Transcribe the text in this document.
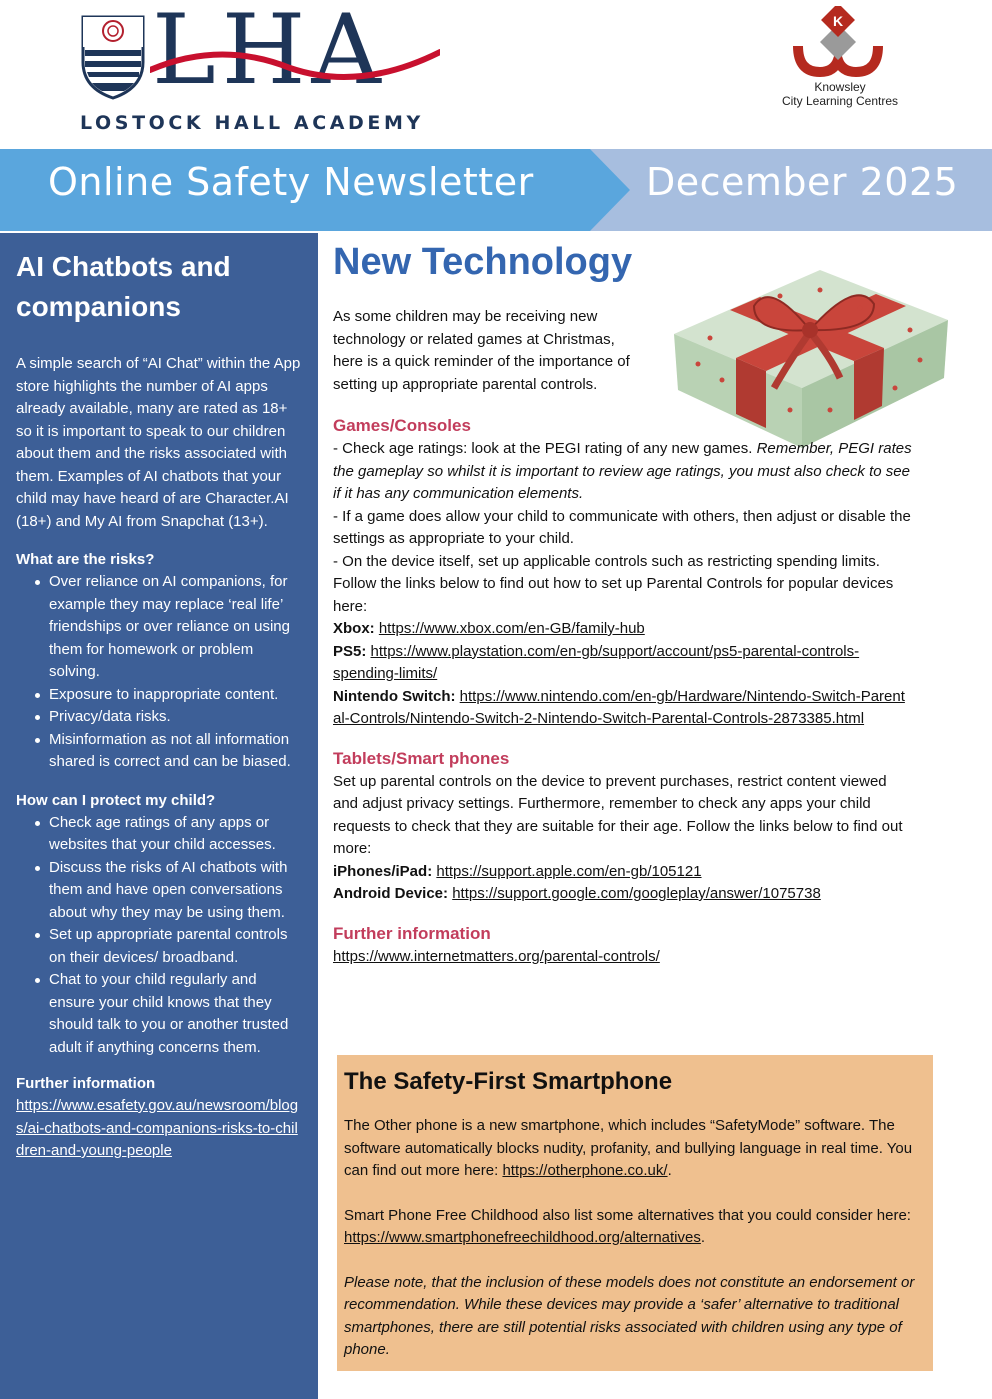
LHA
LOSTOCK HALL ACADEMY
K
Knowsley
City Learning Centres
Online Safety Newsletter	December 2025
AI Chatbots and companions

A simple search of “AI Chat” within the App store highlights the number of AI apps already available, many are rated as 18+ so it is important to speak to our children about them and the risks associated with them. Examples of AI chatbots that your child may have heard of are Character.AI (18+) and My AI from Snapchat (13+).

What are the risks?
Over reliance on AI companions, for example they may replace ‘real life’ friendships or over reliance on using them for homework or problem solving.
Exposure to inappropriate content.
Privacy/data risks.
Misinformation as not all information shared is correct and can be biased.
How can I protect my child?
Check age ratings of any apps or websites that your child accesses.
Discuss the risks of AI chatbots with them and have open conversations about why they may be using them.
Set up appropriate parental controls on their devices/ broadband.
Chat to your child regularly and ensure your child knows that they should talk to you or another trusted adult if anything concerns them.
Further information
https://www.esafety.gov.au/newsroom/blogs/ai-chatbots-and-companions-risks-to-children-and-young-people
New Technology

As some children may be receiving new technology or related games at Christmas, here is a quick reminder of the importance of setting up appropriate parental controls.

Games/Consoles

- Check age ratings: look at the PEGI rating of any new games. Remember, PEGI rates the gameplay so whilst it is important to review age ratings, you must also check to see if it has any communication elements.

- If a game does allow your child to communicate with others, then adjust or disable the settings as appropriate to your child.

- On the device itself, set up applicable controls such as restricting spending limits. Follow the links below to find out how to set up Parental Controls for popular devices here:

Xbox: https://www.xbox.com/en-GB/family-hub

PS5: https://www.playstation.com/en-gb/support/account/ps5-parental-controls-spending-limits/

Nintendo Switch: https://www.nintendo.com/en-gb/Hardware/Nintendo-Switch-Parental-Controls/Nintendo-Switch-2-Nintendo-Switch-Parental-Controls-2873385.html

Tablets/Smart phones

Set up parental controls on the device to prevent purchases, restrict content viewed and adjust privacy settings. Furthermore, remember to check any apps your child requests to check that they are suitable for their age. Follow the links below to find out more:

iPhones/iPad: https://support.apple.com/en-gb/105121

Android Device: https://support.google.com/googleplay/answer/1075738

Further information

https://www.internetmatters.org/parental-controls/

The Safety-First Smartphone

The Other phone is a new smartphone, which includes “SafetyMode” software. The software automatically blocks nudity, profanity, and bullying language in real time. You can find out more here: https://otherphone.co.uk/.

Smart Phone Free Childhood also list some alternatives that you could consider here: https://www.smartphonefreechildhood.org/alternatives.

Please note, that the inclusion of these models does not constitute an endorsement or recommendation. While these devices may provide a ‘safer’ alternative to traditional smartphones, there are still potential risks associated with children using any type of phone.
